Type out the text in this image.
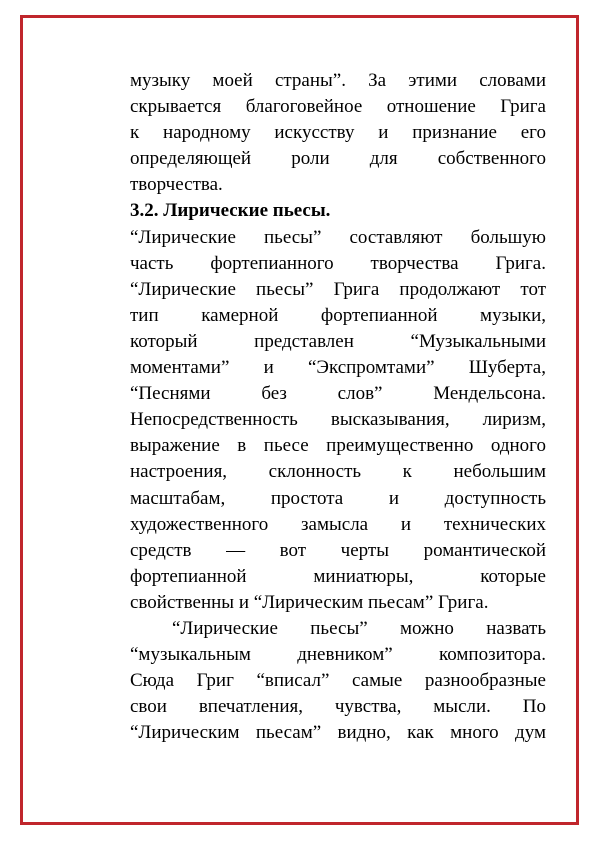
музыку моей страны”. За этими словами
скрывается благоговейное отношение Грига
к народному искусству и признание его
определяющей роли для собственного
творчества.
3.2. Лирические пьесы.
“Лирические пьесы” составляют большую
часть фортепианного творчества Грига.
“Лирические пьесы” Грига продолжают тот
тип камерной фортепианной музыки,
который представлен “Музыкальными
моментами” и “Экспромтами” Шуберта,
“Песнями без слов” Мендельсона.
Непосредственность высказывания, лиризм,
выражение в пьесе преимущественно одного
настроения, склонность к небольшим
масштабам, простота и доступность
художественного замысла и технических
средств — вот черты романтической
фортепианной миниатюры, которые
свойственны и “Лирическим пьесам” Грига.
“Лирические пьесы” можно назвать
“музыкальным дневником” композитора.
Сюда Григ “вписал” самые разнообразные
свои впечатления, чувства, мысли. По
“Лирическим пьесам” видно, как много дум
